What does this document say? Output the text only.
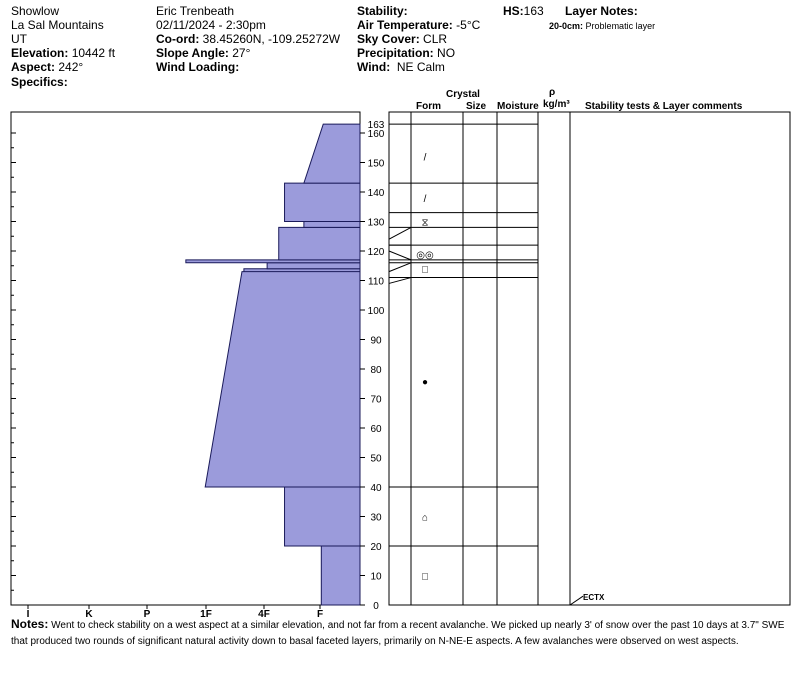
Showlow
La Sal Mountains
UT
Elevation: 10442 ft
Aspect: 242°
Specifics:
Eric Trenbeath
02/11/2024 - 2:30pm
Co-ord: 38.45260N, -109.25272W
Slope Angle: 27°
Wind Loading:
Stability:
Air Temperature: -5°C
Sky Cover: CLR
Precipitation: NO
Wind: NE Calm
HS:163 Layer Notes:
20-0cm: Problematic layer
Crystal
Form	Size Moisture
ρ
kg/m³ Stability tests & Layer comments
0
10
20
30
40
50
60
70
80
90
100
110
120
130
140
150
160
163
I	K	P	1F	4F	F
□
⌂
●
□
◎◎
⧖
/
/
ECTX
Notes: Went to check stability on a west aspect at a similar elevation, and not far from a recent avalanche. We picked up nearly 3' of snow over the past 10 days at 3.7" SWE that produced two rounds of significant natural activity down to basal faceted layers, primarily on N-NE-E aspects. A few avalanches were observed on west aspects.
